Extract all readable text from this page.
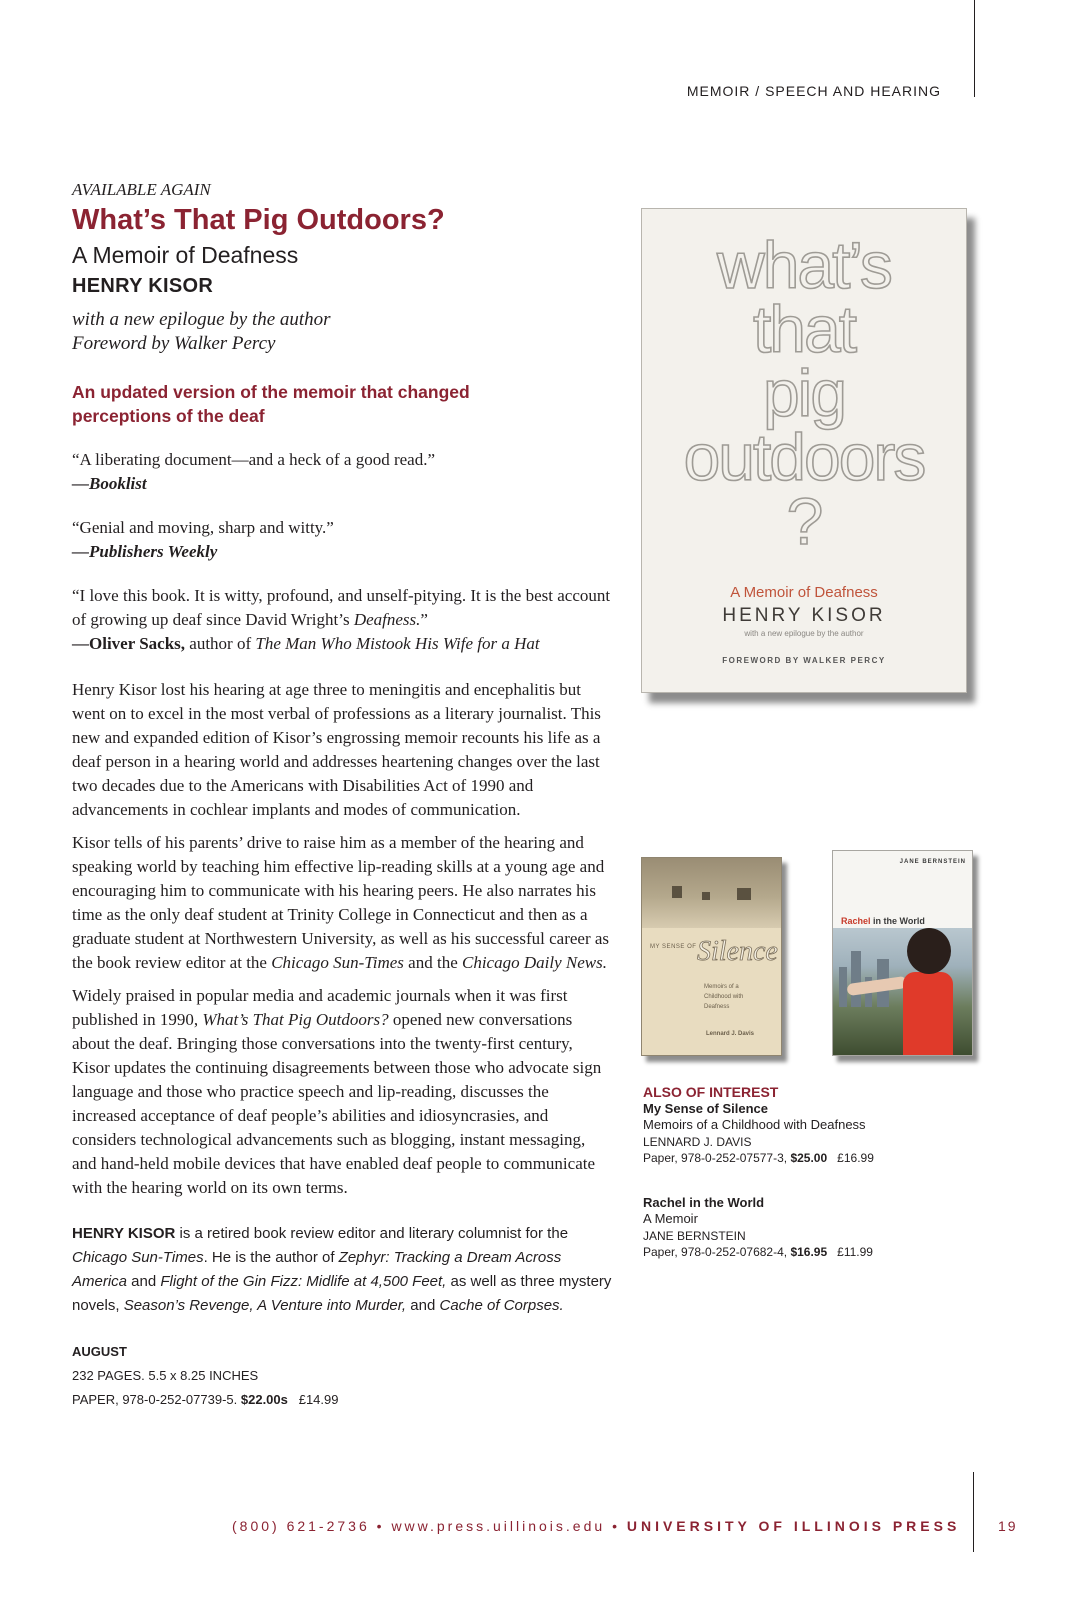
MEMOIR / SPEECH AND HEARING

AVAILABLE AGAIN

What’s That Pig Outdoors?

A Memoir of Deafness

HENRY KISOR

with a new epilogue by the author

Foreword by Walker Percy

An updated version of the memoir that changed perceptions of the deaf

“A liberating document—and a heck of a good read.”
—Booklist

“Genial and moving, sharp and witty.”
—Publishers Weekly

“I love this book. It is witty, profound, and unself-pitying. It is the best account of growing up deaf since David Wright’s Deafness.”
—Oliver Sacks, author of The Man Who Mistook His Wife for a Hat

Henry Kisor lost his hearing at age three to meningitis and encephalitis but went on to excel in the most verbal of professions as a literary journalist. This new and expanded edition of Kisor’s engrossing memoir recounts his life as a deaf person in a hearing world and addresses heartening changes over the last two decades due to the Americans with Disabilities Act of 1990 and advancements in cochlear implants and modes of communication.

Kisor tells of his parents’ drive to raise him as a member of the hearing and speaking world by teaching him effective lip-reading skills at a young age and encouraging him to communicate with his hearing peers. He also narrates his time as the only deaf student at Trinity College in Connecticut and then as a graduate student at Northwestern University, as well as his successful career as the book review editor at the Chicago Sun-Times and the Chicago Daily News.

Widely praised in popular media and academic journals when it was first published in 1990, What’s That Pig Outdoors? opened new conversations about the deaf. Bringing those conversations into the twenty-first century, Kisor updates the continuing disagreements between those who advocate sign language and those who practice speech and lip-reading, discusses the increased acceptance of deaf people’s abilities and idiosyncrasies, and considers technological advancements such as blogging, instant messaging, and hand-held mobile devices that have enabled deaf people to communicate with the hearing world on its own terms.

HENRY KISOR is a retired book review editor and literary columnist for the Chicago Sun-Times. He is the author of Zephyr: Tracking a Dream Across America and Flight of the Gin Fizz: Midlife at 4,500 Feet, as well as three mystery novels, Season’s Revenge, A Venture into Murder, and Cache of Corpses.
AUGUST
232 PAGES. 5.5 x 8.25 INCHES
PAPER, 978-0-252-07739-5. $22.00s £14.99
what’s
that
pig
outdoors
?
A Memoir of Deafness
HENRY KISOR
with a new epilogue by the author
FOREWORD BY WALKER PERCY
MY SENSE OF Silence
Memoirs of a
Childhood with
Deafness
Lennard J. Davis
JANE BERNSTEIN
Rachel in the World
ALSO OF INTEREST
My Sense of Silence
Memoirs of a Childhood with Deafness
LENNARD J. DAVIS
Paper, 978-0-252-07577-3, $25.00 £16.99
Rachel in the World
A Memoir
JANE BERNSTEIN
Paper, 978-0-252-07682-4, $16.95 £11.99
(800) 621-2736 • www.press.uillinois.edu • UNIVERSITY OF ILLINOIS PRESS	19
